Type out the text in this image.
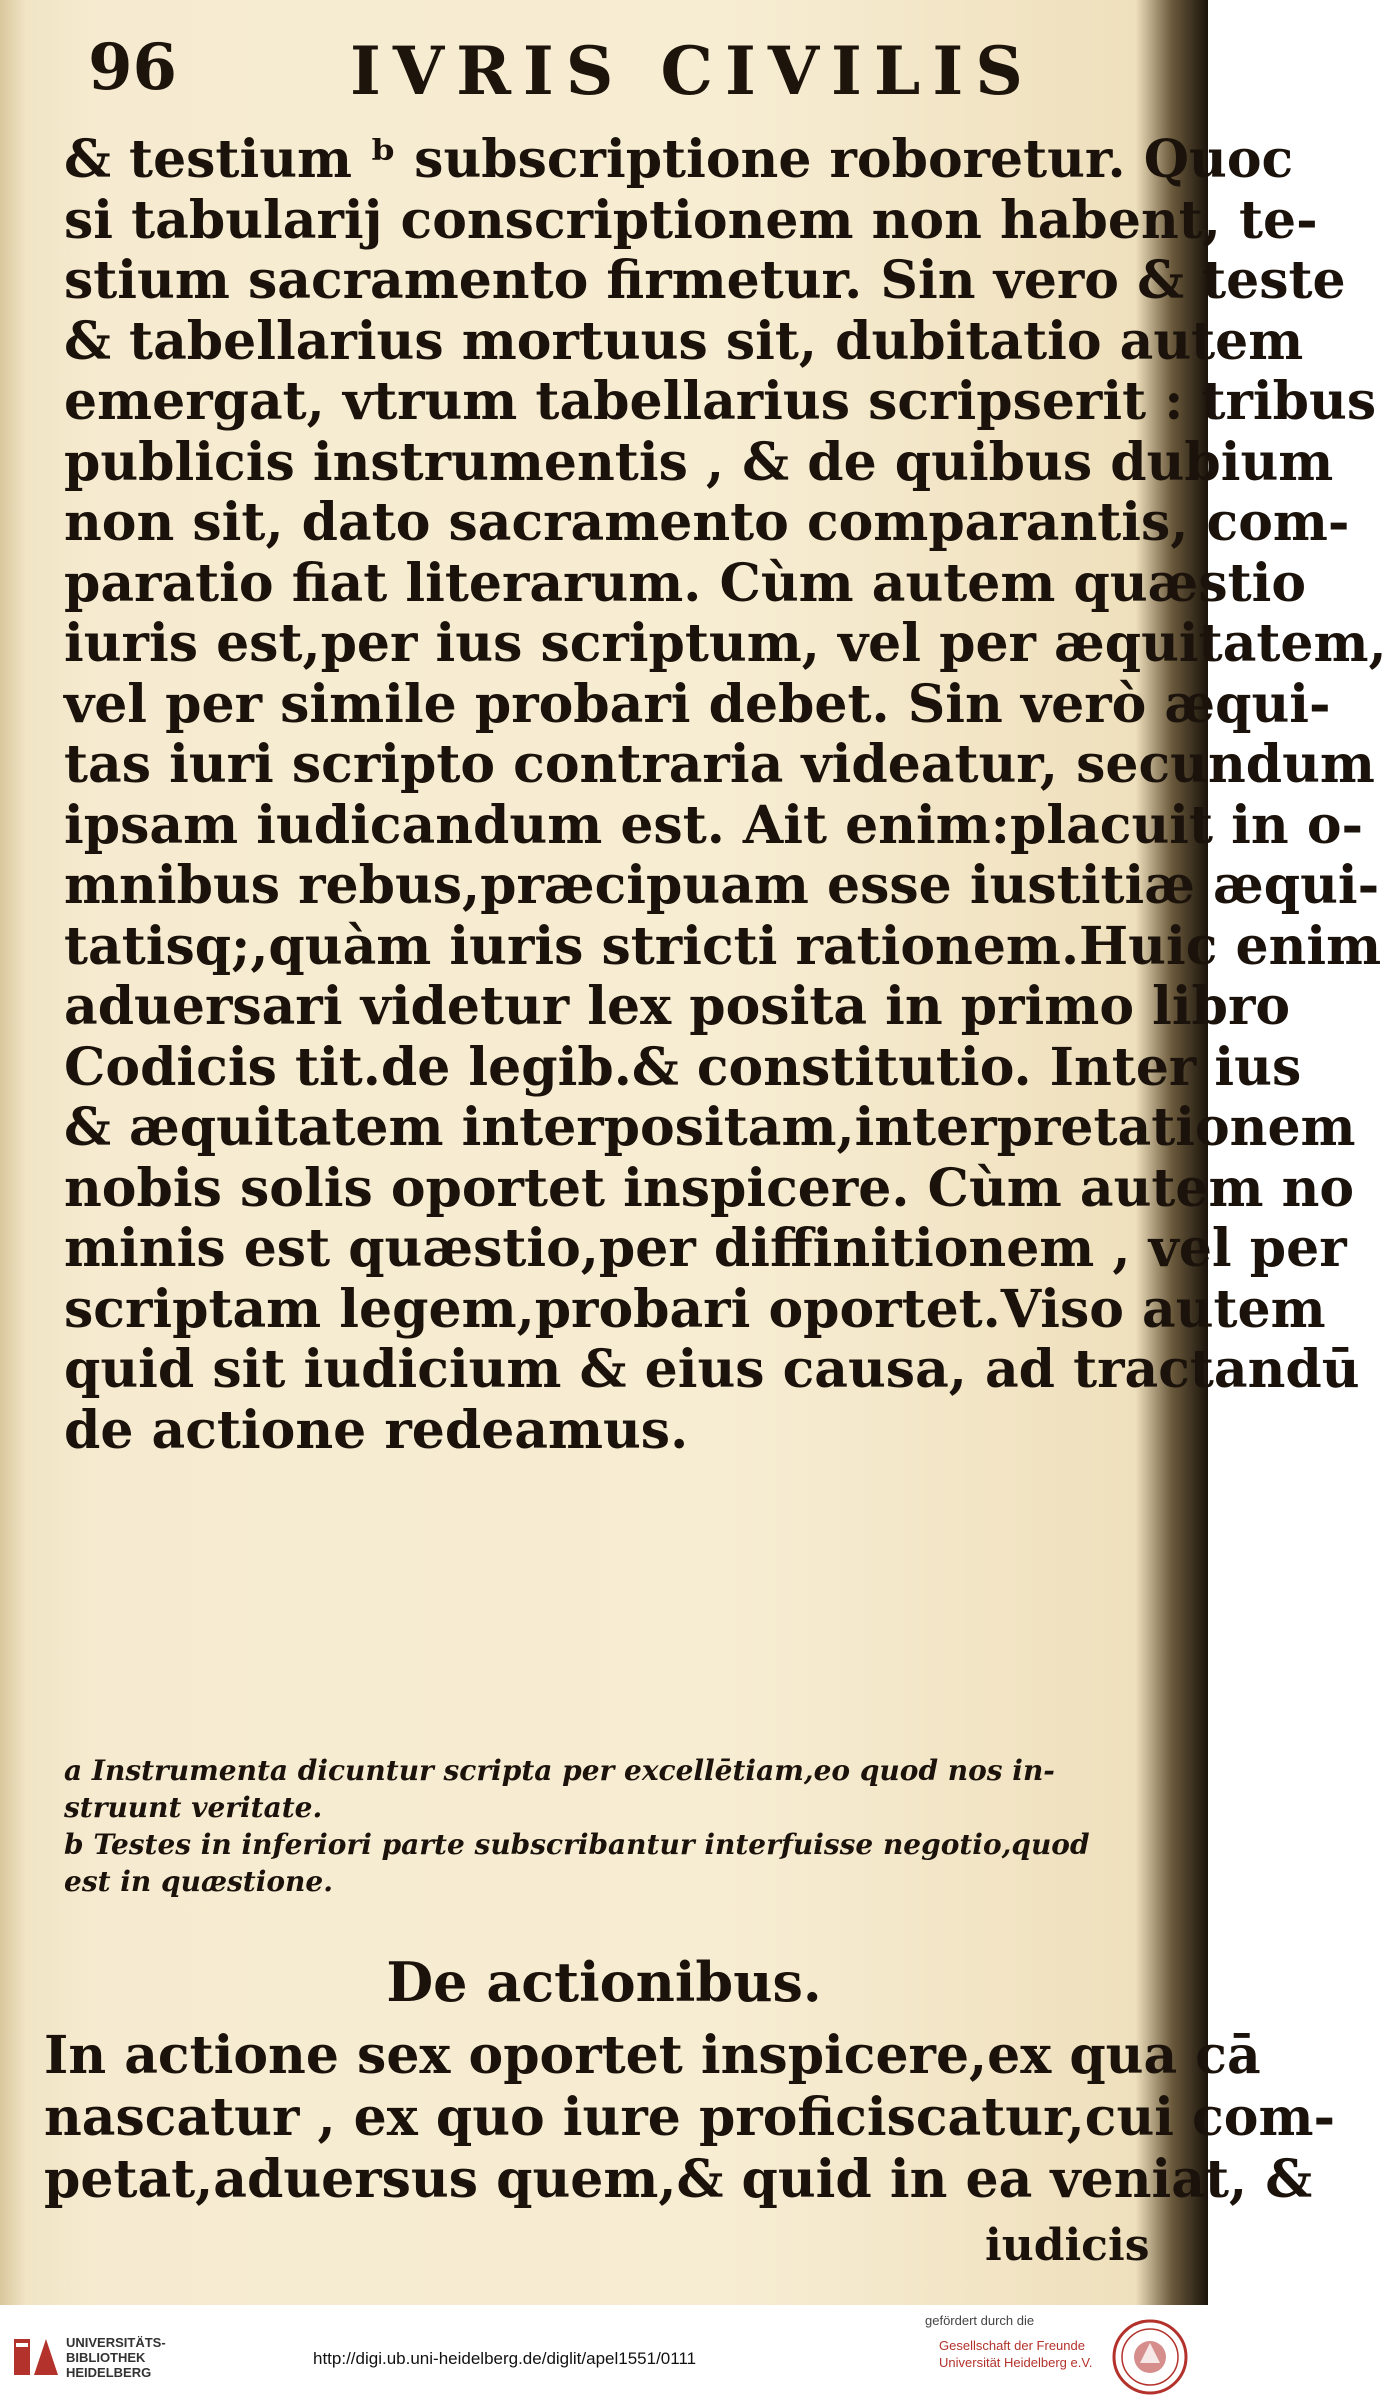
96	IVRIS CIVILIS
& testium ᵇ subscriptione roboretur. Quoc
si tabularij conscriptionem non habent, te-
stium sacramento firmetur. Sin vero & teste
& tabellarius mortuus sit, dubitatio autem
emergat, vtrum tabellarius scripserit : tribus
publicis instrumentis , & de quibus dubium
non sit, dato sacramento comparantis, com-
paratio fiat literarum. Cùm autem quæstio
iuris est,per ius scriptum, vel per æquitatem,
vel per simile probari debet. Sin verò æqui-
tas iuri scripto contraria videatur, secundum
ipsam iudicandum est. Ait enim:placuit in o-
mnibus rebus,præcipuam esse iustitiæ æqui-
tatisq;,quàm iuris stricti rationem.Huic enim
aduersari videtur lex posita in primo libro
Codicis tit.de legib.& constitutio. Inter ius
& æquitatem interpositam,interpretationem
nobis solis oportet inspicere. Cùm autem no
minis est quæstio,per diffinitionem , vel per
scriptam legem,probari oportet.Viso autem
quid sit iudicium & eius causa, ad tractandū
de actione redeamus.
a Instrumenta dicuntur scripta per excellētiam,eo quod nos in-
struunt veritate.
b Testes in inferiori parte subscribantur interfuisse negotio,quod
est in quæstione.
De actionibus.
In actione sex oportet inspicere,ex qua cā
nascatur , ex quo iure proficiscatur,cui com-
petat,aduersus quem,& quid in ea veniat, &
iudicis
UNIVERSITÄTS-
BIBLIOTHEK
HEIDELBERG
http://digi.ub.uni-heidelberg.de/diglit/apel1551/0111
gefördert durch die
Gesellschaft der Freunde
Universität Heidelberg e.V.
